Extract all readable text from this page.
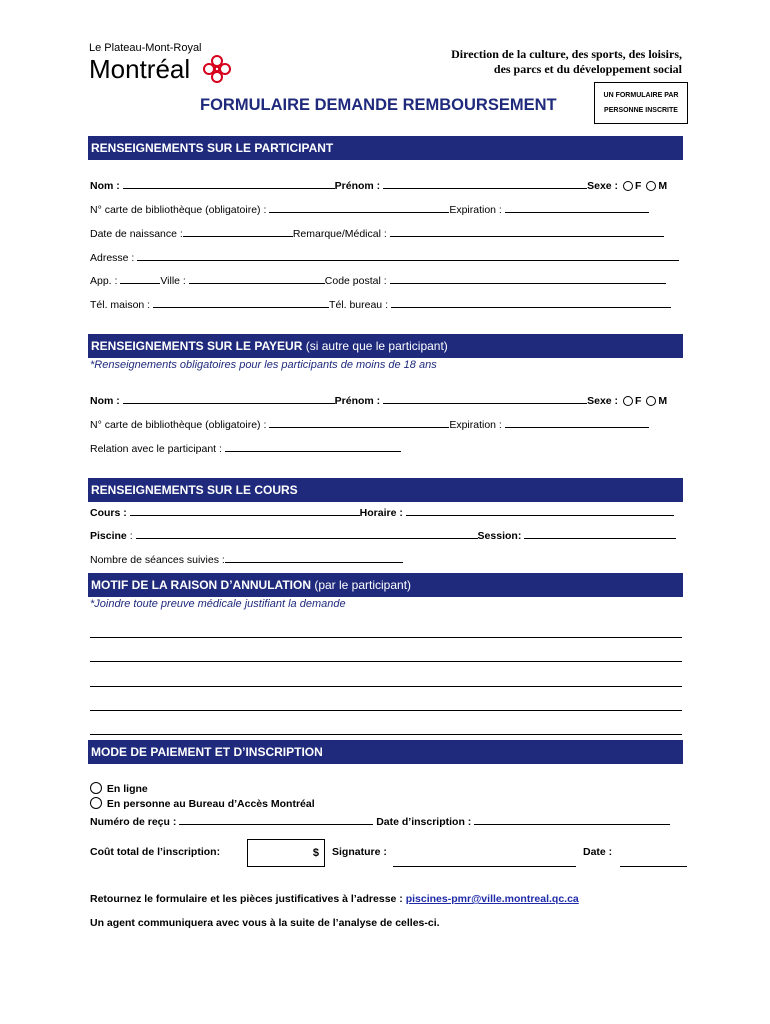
Le Plateau-Mont-Royal
Montréal	Direction de la culture, des sports, des loisirs,
des parcs et du développement social
FORMULAIRE DEMANDE REMBOURSEMENT
UN FORMULAIRE PAR
PERSONNE INSCRITE
RENSEIGNEMENTS SUR LE PARTICIPANT
Nom :	Prénom :	Sexe : F M
N° carte de bibliothèque (obligatoire) :	Expiration :
Date de naissance :	Remarque/Médical :
Adresse :
App. :	Ville :	Code postal :
Tél. maison :	Tél. bureau :
RENSEIGNEMENTS SUR LE PAYEUR (si autre que le participant)
*Renseignements obligatoires pour les participants de moins de 18 ans
Nom :	Prénom :	Sexe : F M
N° carte de bibliothèque (obligatoire) :	Expiration :
Relation avec le participant :
RENSEIGNEMENTS SUR LE COURS
Cours :	Horaire :
Piscine :	Session:
Nombre de séances suivies :
MOTIF DE LA RAISON D’ANNULATION (par le participant)
*Joindre toute preuve médicale justifiant la demande
MODE DE PAIEMENT ET D’INSCRIPTION
En ligne
En personne au Bureau d’Accès Montréal
Numéro de reçu :	Date d’inscription :
Coût total de l’inscription:	$	Signature :	Date :
Retournez le formulaire et les pièces justificatives à l’adresse : piscines-pmr@ville.montreal.qc.ca
Un agent communiquera avec vous à la suite de l’analyse de celles-ci.
